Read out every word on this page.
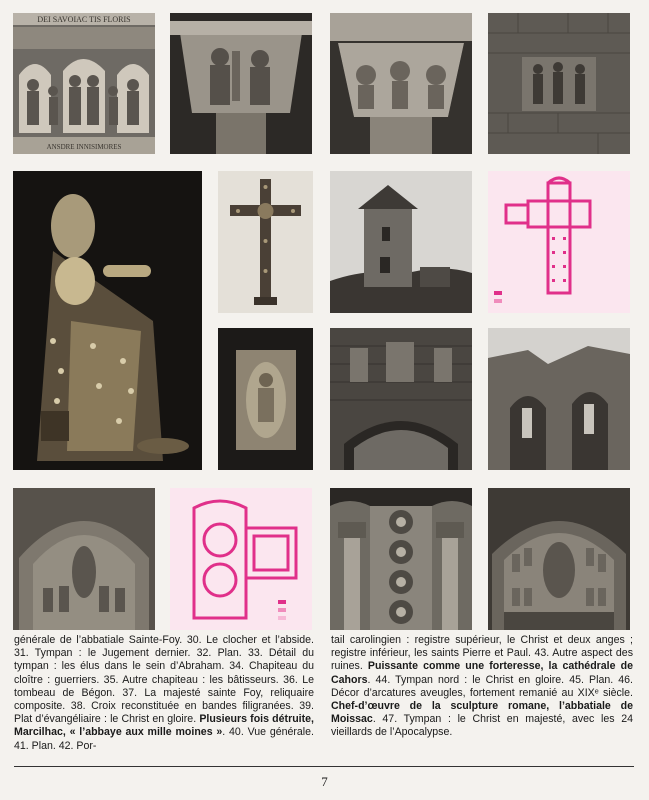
DEI SAVOIAC TIS FLORIS
ANSDRE INNISIMORES
générale de l’abbatiale Sainte-Foy. 30. Le clocher et l’abside. 31. Tympan : le Jugement dernier. 32. Plan. 33. Détail du tympan : les élus dans le sein d’Abraham. 34. Chapiteau du cloître : guerriers. 35. Autre chapiteau : les bâtisseurs. 36. Le tombeau de Bégon. 37. La majesté sainte Foy, reliquaire composite. 38. Croix reconstituée en bandes filigranées. 39. Plat d’évangéliaire : le Christ en gloire. Plusieurs fois détruite, Marcilhac, « l’abbaye aux mille moines ». 40. Vue générale. 41. Plan. 42. Por-
tail carolingien : registre supérieur, le Christ et deux anges ; registre inférieur, les saints Pierre et Paul. 43. Autre aspect des ruines. Puissante comme une forteresse, la cathédrale de Cahors. 44. Tympan nord : le Christ en gloire. 45. Plan. 46. Décor d’arcatures aveugles, fortement remanié au XIXᵉ siècle. Chef-d’œuvre de la sculpture romane, l’abbatiale de Moissac. 47. Tympan : le Christ en majesté, avec les 24 vieillards de l’Apocalypse.
7
